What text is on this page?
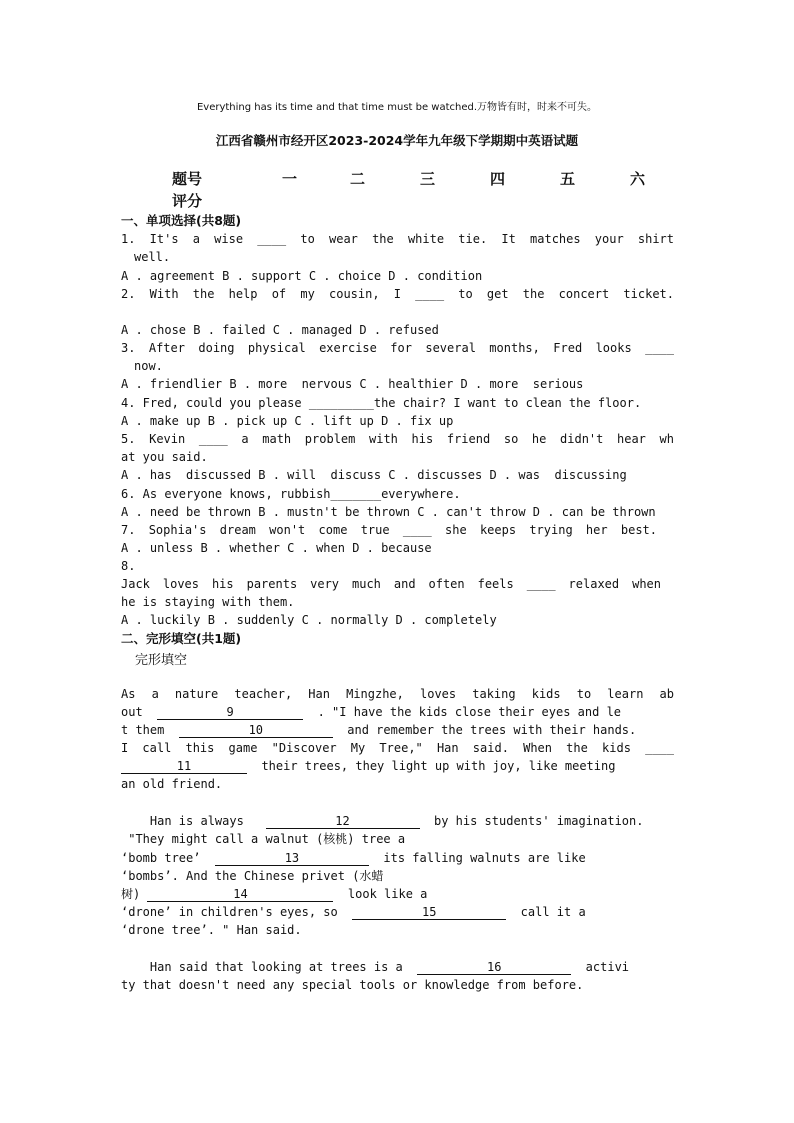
Everything has its time and that time must be watched.万物皆有时，时来不可失。
江西省赣州市经开区2023-2024学年九年级下学期期中英语试题
题号	一	二	三	四	五	六
评分
一、单项选择(共8题)
1. It's a wise ____ to wear the white tie. It matches your shirt
well.
A . agreement B . support C . choice D . condition
2. With the help of my cousin, I ____ to get the concert ticket.
A . chose B . failed C . managed D . refused
3. After doing physical exercise for several months, Fred looks ____
now.
A . friendlier B . more  nervous C . healthier D . more  serious
4. Fred, could you please _________the chair? I want to clean the floor.
A . make up B . pick up C . lift up D . fix up
5. Kevin ____ a math problem with his friend so he didn't hear wh
at you said.
A . has  discussed B . will  discuss C . discusses D . was  discussing
6. As everyone knows, rubbish_______everywhere.
A . need be thrown B . mustn't be thrown C . can't throw D . can be thrown
7. Sophia's dream won't come true ____ she keeps trying her best.
A . unless B . whether C . when D . because
8.
Jack loves his parents very much and often feels ____ relaxed when
he is staying with them.
A . luckily B . suddenly C . normally D . completely
二、完形填空(共1题)
完形填空
As a nature teacher, Han Mingzhe, loves taking kids to learn ab
out	9	. "I have the kids close their eyes and le
t them	10	and remember the trees with their hands.
I call this game "Discover My Tree," Han said. When the kids ____
11	their trees, they light up with joy, like meeting
an old friend.
Han is always	12	by his students' imagination.
"They might call a walnut (核桃) tree a
‘bomb tree’	13	its falling walnuts are like
‘bombs’. And the Chinese privet (水蜡
树)	14	look like a
‘drone’ in children's eyes, so	15	call it a
‘drone tree’. " Han said.
Han said that looking at trees is a	16	activi
ty that doesn't need any special tools or knowledge from before.
